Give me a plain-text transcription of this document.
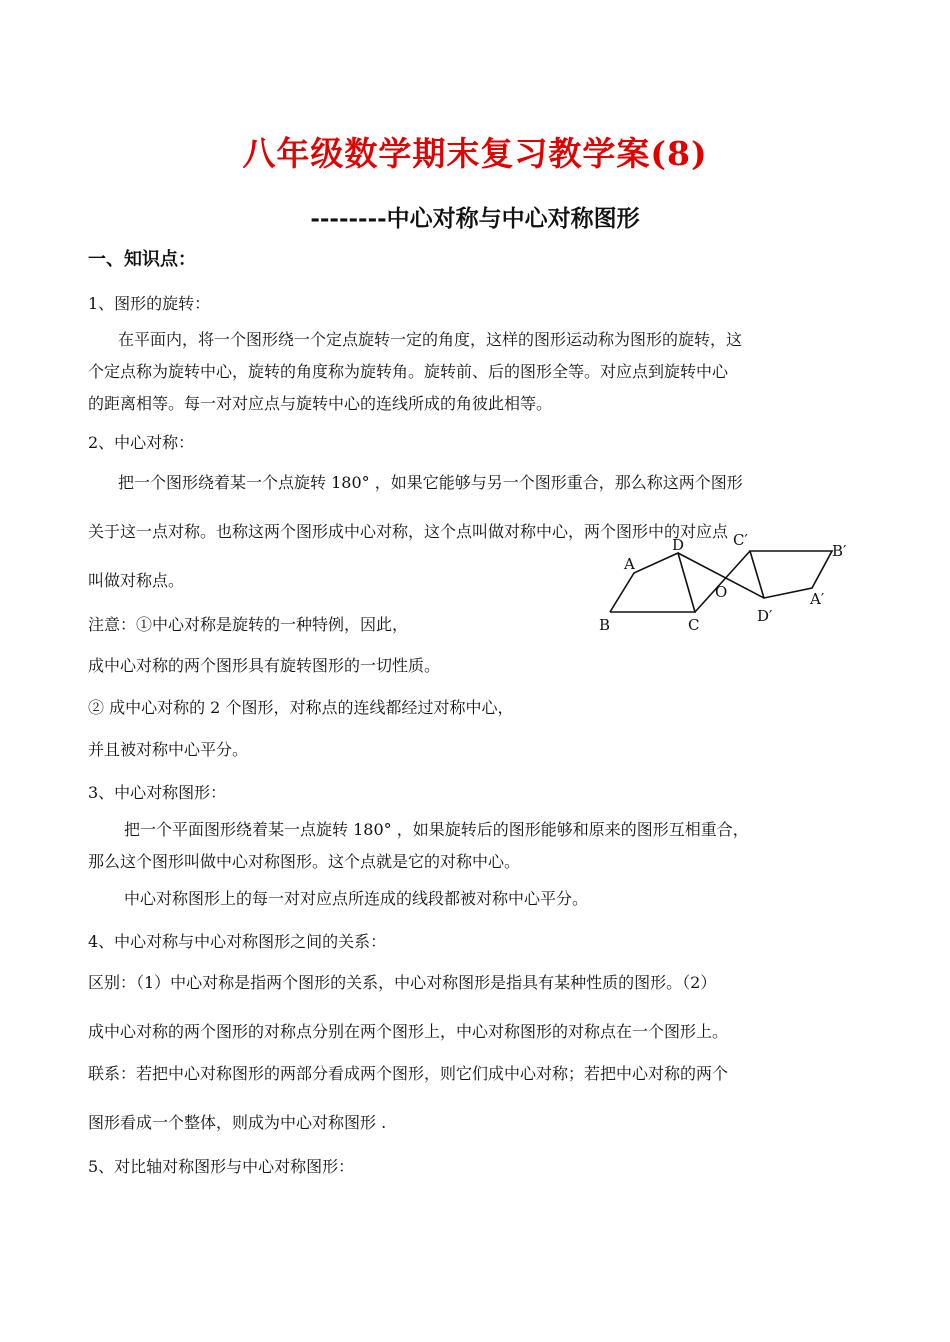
八年级数学期末复习教学案(8)
--------中心对称与中心对称图形
一、知识点：
1、图形的旋转：
在平面内，将一个图形绕一个定点旋转一定的角度，这样的图形运动称为图形的旋转，这
个定点称为旋转中心，旋转的角度称为旋转角。旋转前、后的图形全等。对应点到旋转中心
的距离相等。每一对对应点与旋转中心的连线所成的角彼此相等。
2、中心对称：
把一个图形绕着某一个点旋转 180° ，如果它能够与另一个图形重合，那么称这两个图形
关于这一点对称。也称这两个图形成中心对称，这个点叫做对称中心，两个图形中的对应点
叫做对称点。
注意：①中心对称是旋转的一种特例，因此，
成中心对称的两个图形具有旋转图形的一切性质。
② 成中心对称的 2 个图形，对称点的连线都经过对称中心，
并且被对称中心平分。
3、中心对称图形：
把一个平面图形绕着某一点旋转 180° ，如果旋转后的图形能够和原来的图形互相重合，
那么这个图形叫做中心对称图形。这个点就是它的对称中心。
中心对称图形上的每一对对应点所连成的线段都被对称中心平分。
4、中心对称与中心对称图形之间的关系：
区别：（1）中心对称是指两个图形的关系，中心对称图形是指具有某种性质的图形。（2）
成中心对称的两个图形的对称点分别在两个图形上，中心对称图形的对称点在一个图形上。
联系：若把中心对称图形的两部分看成两个图形，则它们成中心对称；若把中心对称的两个
图形看成一个整体，则成为中心对称图形 .
5、对比轴对称图形与中心对称图形：
A
B	C
D
O	A′
B′
C′
D′
